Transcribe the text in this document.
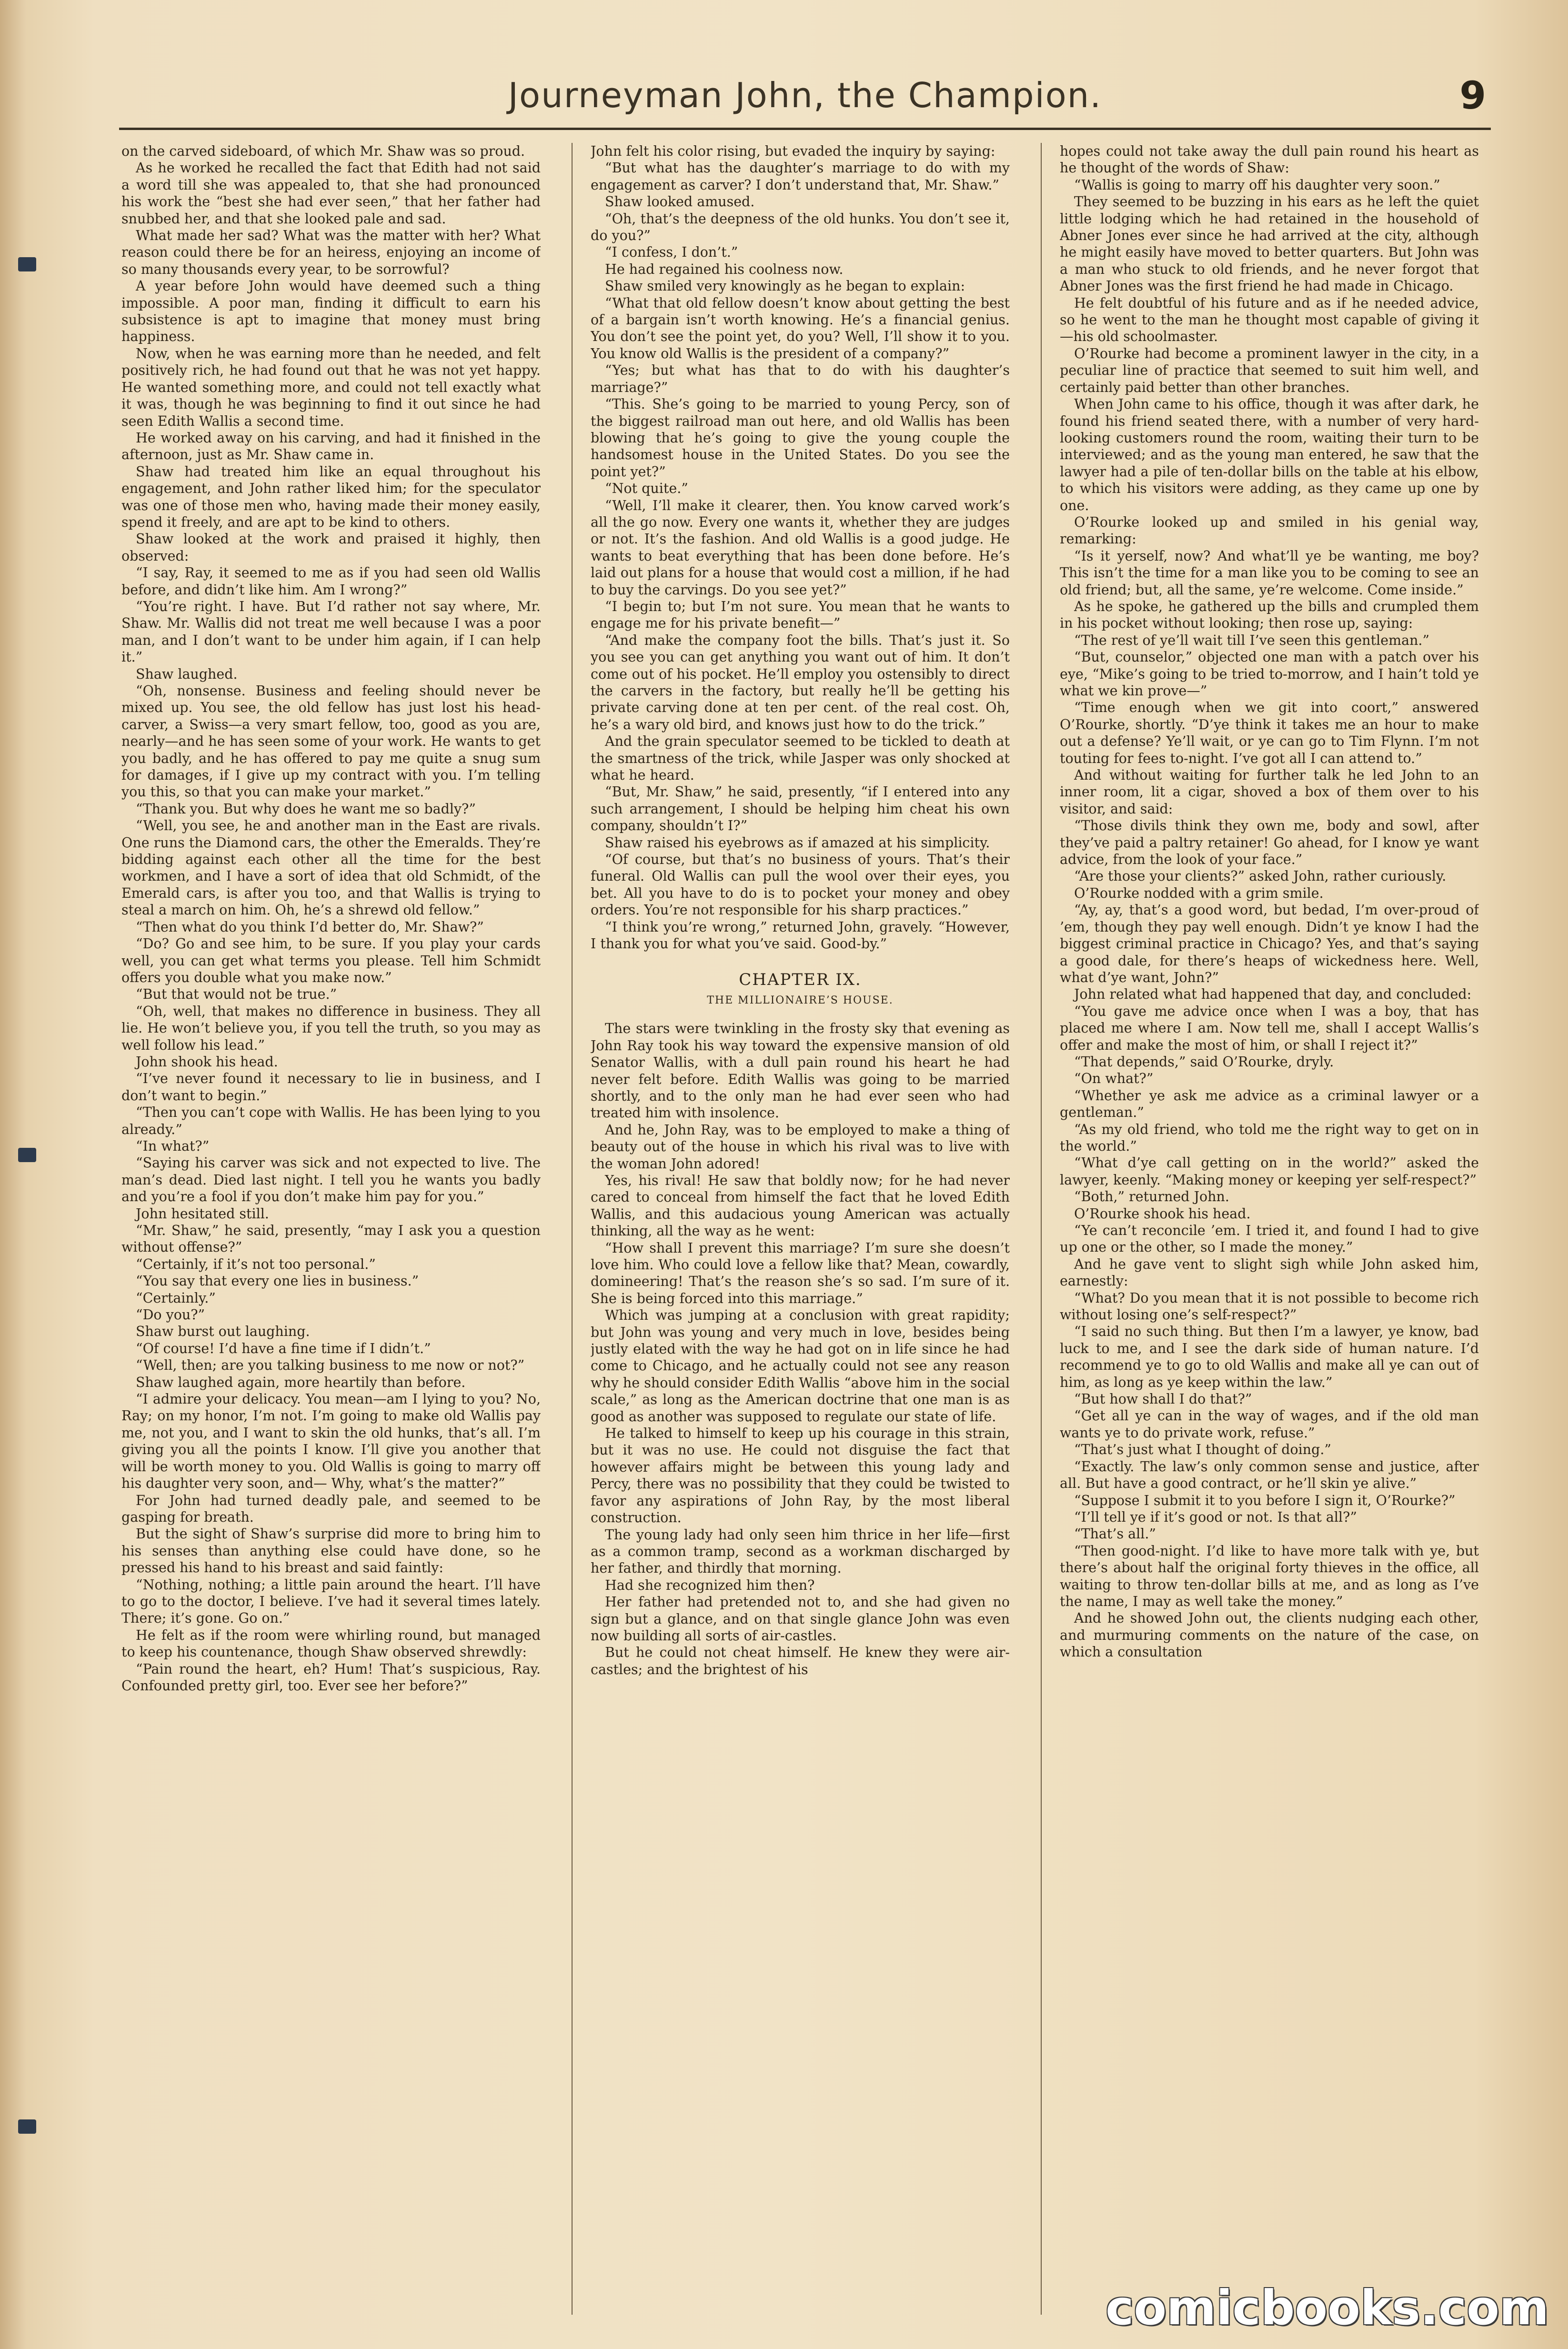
Journeyman John, the Champion.	9

on the carved sideboard, of which Mr. Shaw was so proud.

As he worked he recalled the fact that Edith had not said a word till she was appealed to, that she had pronounced his work the “best she had ever seen,” that her father had snubbed her, and that she looked pale and sad.

What made her sad? What was the matter with her? What reason could there be for an heiress, enjoying an income of so many thousands every year, to be sorrowful?

A year before John would have deemed such a thing impossible. A poor man, finding it difficult to earn his subsistence is apt to imagine that money must bring happiness.

Now, when he was earning more than he needed, and felt positively rich, he had found out that he was not yet happy. He wanted something more, and could not tell exactly what it was, though he was beginning to find it out since he had seen Edith Wallis a second time.

He worked away on his carving, and had it finished in the afternoon, just as Mr. Shaw came in.

Shaw had treated him like an equal throughout his engagement, and John rather liked him; for the speculator was one of those men who, having made their money easily, spend it freely, and are apt to be kind to others.

Shaw looked at the work and praised it highly, then observed:

“I say, Ray, it seemed to me as if you had seen old Wallis before, and didn’t like him. Am I wrong?”

“You’re right. I have. But I’d rather not say where, Mr. Shaw. Mr. Wallis did not treat me well because I was a poor man, and I don’t want to be under him again, if I can help it.”

Shaw laughed.

“Oh, nonsense. Business and feeling should never be mixed up. You see, the old fellow has just lost his head-carver, a Swiss—a very smart fellow, too, good as you are, nearly—and he has seen some of your work. He wants to get you badly, and he has offered to pay me quite a snug sum for damages, if I give up my contract with you. I’m telling you this, so that you can make your market.”

“Thank you. But why does he want me so badly?”

“Well, you see, he and another man in the East are rivals. One runs the Diamond cars, the other the Emeralds. They’re bidding against each other all the time for the best workmen, and I have a sort of idea that old Schmidt, of the Emerald cars, is after you too, and that Wallis is trying to steal a march on him. Oh, he’s a shrewd old fellow.”

“Then what do you think I’d better do, Mr. Shaw?”

“Do? Go and see him, to be sure. If you play your cards well, you can get what terms you please. Tell him Schmidt offers you double what you make now.”

“But that would not be true.”

“Oh, well, that makes no difference in business. They all lie. He won’t believe you, if you tell the truth, so you may as well follow his lead.”

John shook his head.

“I’ve never found it necessary to lie in business, and I don’t want to begin.”

“Then you can’t cope with Wallis. He has been lying to you already.”

“In what?”

“Saying his carver was sick and not expected to live. The man’s dead. Died last night. I tell you he wants you badly and you’re a fool if you don’t make him pay for you.”

John hesitated still.

“Mr. Shaw,” he said, presently, “may I ask you a question without offense?”

“Certainly, if it’s not too personal.”

“You say that every one lies in business.”

“Certainly.”

“Do you?”

Shaw burst out laughing.

“Of course! I’d have a fine time if I didn’t.”

“Well, then; are you talking business to me now or not?”

Shaw laughed again, more heartily than before.

“I admire your delicacy. You mean—am I lying to you? No, Ray; on my honor, I’m not. I’m going to make old Wallis pay me, not you, and I want to skin the old hunks, that’s all. I’m giving you all the points I know. I’ll give you another that will be worth money to you. Old Wallis is going to marry off his daughter very soon, and— Why, what’s the matter?”

For John had turned deadly pale, and seemed to be gasping for breath.

But the sight of Shaw’s surprise did more to bring him to his senses than anything else could have done, so he pressed his hand to his breast and said faintly:

“Nothing, nothing; a little pain around the heart. I’ll have to go to the doctor, I believe. I’ve had it several times lately. There; it’s gone. Go on.”

He felt as if the room were whirling round, but managed to keep his countenance, though Shaw observed shrewdly:

“Pain round the heart, eh? Hum! That’s suspicious, Ray. Confounded pretty girl, too. Ever see her before?”

John felt his color rising, but evaded the inquiry by saying:

“But what has the daughter’s marriage to do with my engagement as carver? I don’t understand that, Mr. Shaw.”

Shaw looked amused.

“Oh, that’s the deepness of the old hunks. You don’t see it, do you?”

“I confess, I don’t.”

He had regained his coolness now.

Shaw smiled very knowingly as he began to explain:

“What that old fellow doesn’t know about getting the best of a bargain isn’t worth knowing. He’s a financial genius. You don’t see the point yet, do you? Well, I’ll show it to you. You know old Wallis is the president of a company?”

“Yes; but what has that to do with his daughter’s marriage?”

“This. She’s going to be married to young Percy, son of the biggest railroad man out here, and old Wallis has been blowing that he’s going to give the young couple the handsomest house in the United States. Do you see the point yet?”

“Not quite.”

“Well, I’ll make it clearer, then. You know carved work’s all the go now. Every one wants it, whether they are judges or not. It’s the fashion. And old Wallis is a good judge. He wants to beat everything that has been done before. He’s laid out plans for a house that would cost a million, if he had to buy the carvings. Do you see yet?”

“I begin to; but I’m not sure. You mean that he wants to engage me for his private benefit—”

“And make the company foot the bills. That’s just it. So you see you can get anything you want out of him. It don’t come out of his pocket. He’ll employ you ostensibly to direct the carvers in the factory, but really he’ll be getting his private carving done at ten per cent. of the real cost. Oh, he’s a wary old bird, and knows just how to do the trick.”

And the grain speculator seemed to be tickled to death at the smartness of the trick, while Jasper was only shocked at what he heard.

“But, Mr. Shaw,” he said, presently, “if I entered into any such arrangement, I should be helping him cheat his own company, shouldn’t I?”

Shaw raised his eyebrows as if amazed at his simplicity.

“Of course, but that’s no business of yours. That’s their funeral. Old Wallis can pull the wool over their eyes, you bet. All you have to do is to pocket your money and obey orders. You’re not responsible for his sharp practices.”

“I think you’re wrong,” returned John, gravely. “However, I thank you for what you’ve said. Good-by.”

CHAPTER IX.
THE MILLIONAIRE’S HOUSE.

The stars were twinkling in the frosty sky that evening as John Ray took his way toward the expensive mansion of old Senator Wallis, with a dull pain round his heart he had never felt before. Edith Wallis was going to be married shortly, and to the only man he had ever seen who had treated him with insolence.

And he, John Ray, was to be employed to make a thing of beauty out of the house in which his rival was to live with the woman John adored!

Yes, his rival! He saw that boldly now; for he had never cared to conceal from himself the fact that he loved Edith Wallis, and this audacious young American was actually thinking, all the way as he went:

“How shall I prevent this marriage? I’m sure she doesn’t love him. Who could love a fellow like that? Mean, cowardly, domineering! That’s the reason she’s so sad. I’m sure of it. She is being forced into this marriage.”

Which was jumping at a conclusion with great rapidity; but John was young and very much in love, besides being justly elated with the way he had got on in life since he had come to Chicago, and he actually could not see any reason why he should consider Edith Wallis “above him in the social scale,” as long as the American doctrine that one man is as good as another was supposed to regulate our state of life.

He talked to himself to keep up his courage in this strain, but it was no use. He could not disguise the fact that however affairs might be between this young lady and Percy, there was no possibility that they could be twisted to favor any aspirations of John Ray, by the most liberal construction.

The young lady had only seen him thrice in her life—first as a common tramp, second as a workman discharged by her father, and thirdly that morning.

Had she recognized him then?

Her father had pretended not to, and she had given no sign but a glance, and on that single glance John was even now building all sorts of air-castles.

But he could not cheat himself. He knew they were air-castles; and the brightest of his

hopes could not take away the dull pain round his heart as he thought of the words of Shaw:

“Wallis is going to marry off his daughter very soon.”

They seemed to be buzzing in his ears as he left the quiet little lodging which he had retained in the household of Abner Jones ever since he had arrived at the city, although he might easily have moved to better quarters. But John was a man who stuck to old friends, and he never forgot that Abner Jones was the first friend he had made in Chicago.

He felt doubtful of his future and as if he needed advice, so he went to the man he thought most capable of giving it—his old schoolmaster.

O’Rourke had become a prominent lawyer in the city, in a peculiar line of practice that seemed to suit him well, and certainly paid better than other branches.

When John came to his office, though it was after dark, he found his friend seated there, with a number of very hard-looking customers round the room, waiting their turn to be interviewed; and as the young man entered, he saw that the lawyer had a pile of ten-dollar bills on the table at his elbow, to which his visitors were adding, as they came up one by one.

O’Rourke looked up and smiled in his genial way, remarking:

“Is it yerself, now? And what’ll ye be wanting, me boy? This isn’t the time for a man like you to be coming to see an old friend; but, all the same, ye’re welcome. Come inside.”

As he spoke, he gathered up the bills and crumpled them in his pocket without looking; then rose up, saying:

“The rest of ye’ll wait till I’ve seen this gentleman.”

“But, counselor,” objected one man with a patch over his eye, “Mike’s going to be tried to-morrow, and I hain’t told ye what we kin prove—”

“Time enough when we git into coort,” answered O’Rourke, shortly. “D’ye think it takes me an hour to make out a defense? Ye’ll wait, or ye can go to Tim Flynn. I’m not touting for fees to-night. I’ve got all I can attend to.”

And without waiting for further talk he led John to an inner room, lit a cigar, shoved a box of them over to his visitor, and said:

“Those divils think they own me, body and sowl, after they’ve paid a paltry retainer! Go ahead, for I know ye want advice, from the look of your face.”

“Are those your clients?” asked John, rather curiously.

O’Rourke nodded with a grim smile.

“Ay, ay, that’s a good word, but bedad, I’m over-proud of ’em, though they pay well enough. Didn’t ye know I had the biggest criminal practice in Chicago? Yes, and that’s saying a good dale, for there’s heaps of wickedness here. Well, what d’ye want, John?”

John related what had happened that day, and concluded:

“You gave me advice once when I was a boy, that has placed me where I am. Now tell me, shall I accept Wallis’s offer and make the most of him, or shall I reject it?”

“That depends,” said O’Rourke, dryly.

“On what?”

“Whether ye ask me advice as a criminal lawyer or a gentleman.”

“As my old friend, who told me the right way to get on in the world.”

“What d’ye call getting on in the world?” asked the lawyer, keenly. “Making money or keeping yer self-respect?”

“Both,” returned John.

O’Rourke shook his head.

“Ye can’t reconcile ’em. I tried it, and found I had to give up one or the other, so I made the money.”

And he gave vent to slight sigh while John asked him, earnestly:

“What? Do you mean that it is not possible to become rich without losing one’s self-respect?”

“I said no such thing. But then I’m a lawyer, ye know, bad luck to me, and I see the dark side of human nature. I’d recommend ye to go to old Wallis and make all ye can out of him, as long as ye keep within the law.”

“But how shall I do that?”

“Get all ye can in the way of wages, and if the old man wants ye to do private work, refuse.”

“That’s just what I thought of doing.”

“Exactly. The law’s only common sense and justice, after all. But have a good contract, or he’ll skin ye alive.”

“Suppose I submit it to you before I sign it, O’Rourke?”

“I’ll tell ye if it’s good or not. Is that all?”

“That’s all.”

“Then good-night. I’d like to have more talk with ye, but there’s about half the original forty thieves in the office, all waiting to throw ten-dollar bills at me, and as long as I’ve the name, I may as well take the money.”

And he showed John out, the clients nudging each other, and murmuring comments on the nature of the case, on which a consultation

comicbooks.com
